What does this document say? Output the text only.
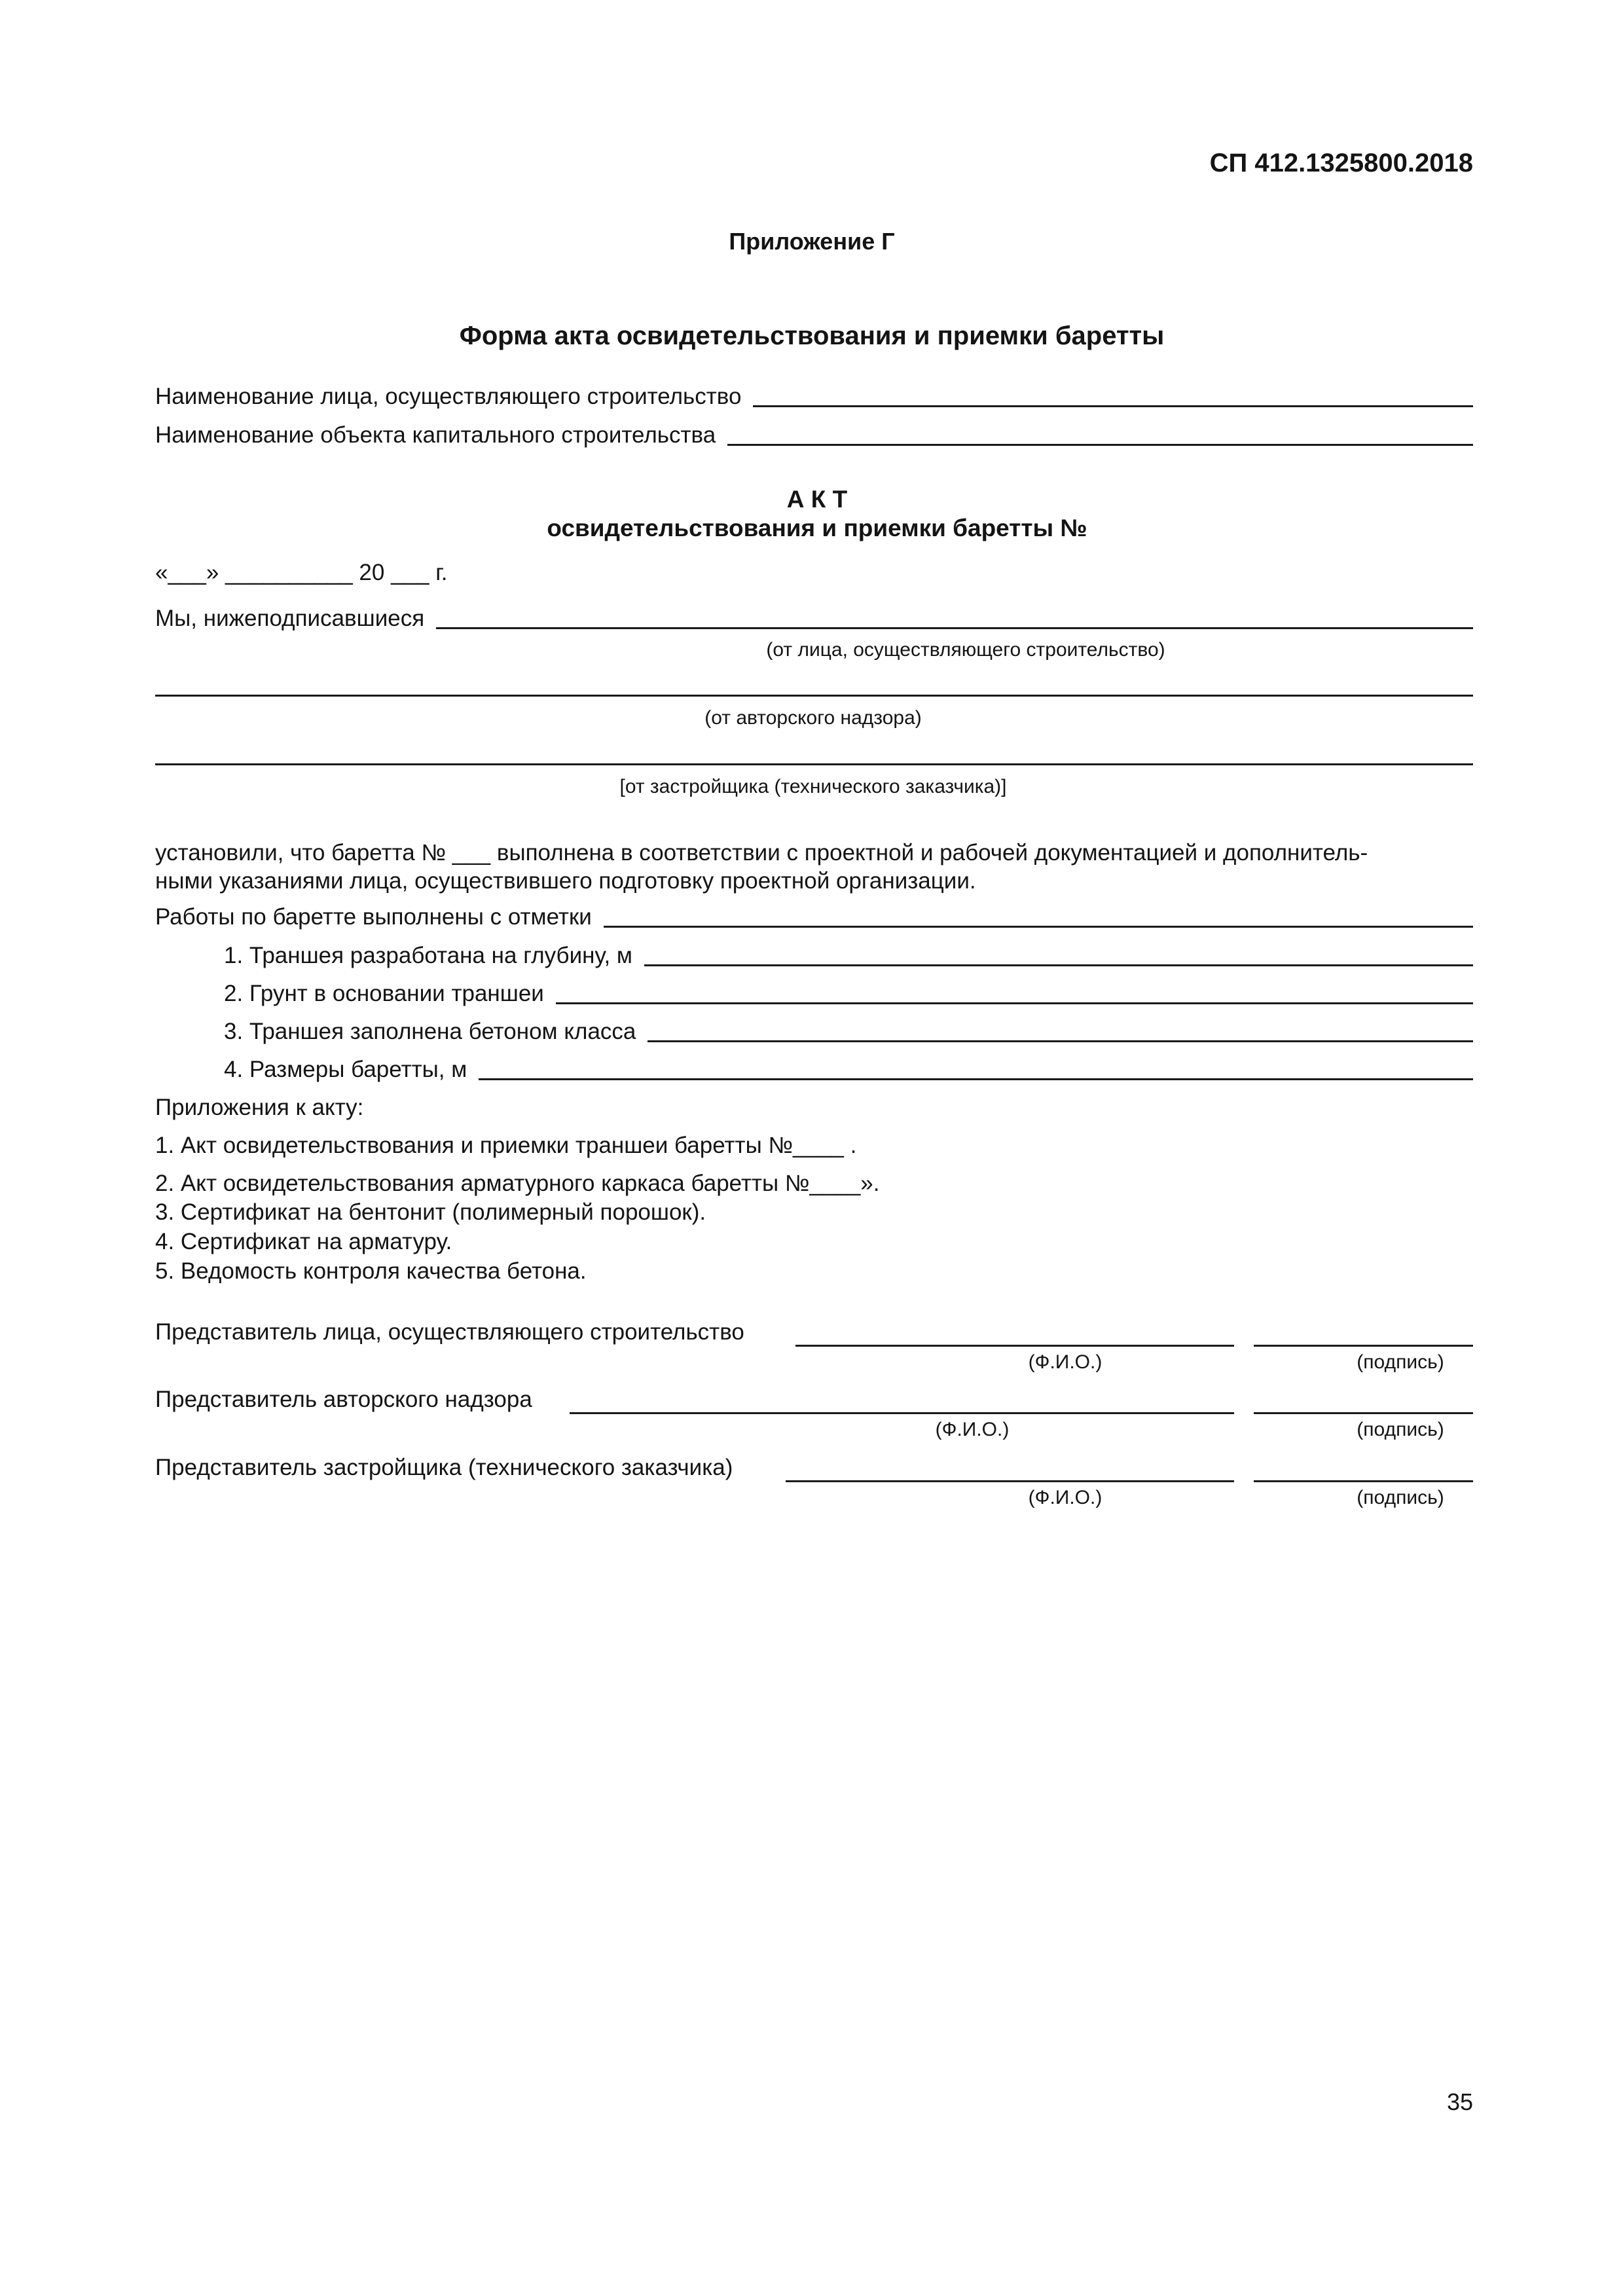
СП 412.1325800.2018
Приложение Г
Форма акта освидетельствования и приемки баретты
Наименование лица, осуществляющего строительство
Наименование объекта капитального строительства
А К Т
освидетельствования и приемки баретты №
«___» __________ 20 ___ г.
Мы, нижеподписавшиеся
(от лица, осуществляющего строительство)
(от авторского надзора)
[от застройщика (технического заказчика)]
установили, что баретта № ___ выполнена в соответствии с проектной и рабочей документацией и дополнитель-
ными указаниями лица, осуществившего подготовку проектной организации.
Работы по баретте выполнены с отметки
1. Траншея разработана на глубину, м
2. Грунт в основании траншеи
3. Траншея заполнена бетоном класса
4. Размеры баретты, м
Приложения к акту:
1. Акт освидетельствования и приемки траншеи баретты №____ .
2. Акт освидетельствования арматурного каркаса баретты №____».
3. Сертификат на бентонит (полимерный порошок).
4. Сертификат на арматуру.
5. Ведомость контроля качества бетона.
Представитель лица, осуществляющего строительство
(Ф.И.О.)	(подпись)
Представитель авторского надзора
(Ф.И.О.)	(подпись)
Представитель застройщика (технического заказчика)
(Ф.И.О.)	(подпись)
35
